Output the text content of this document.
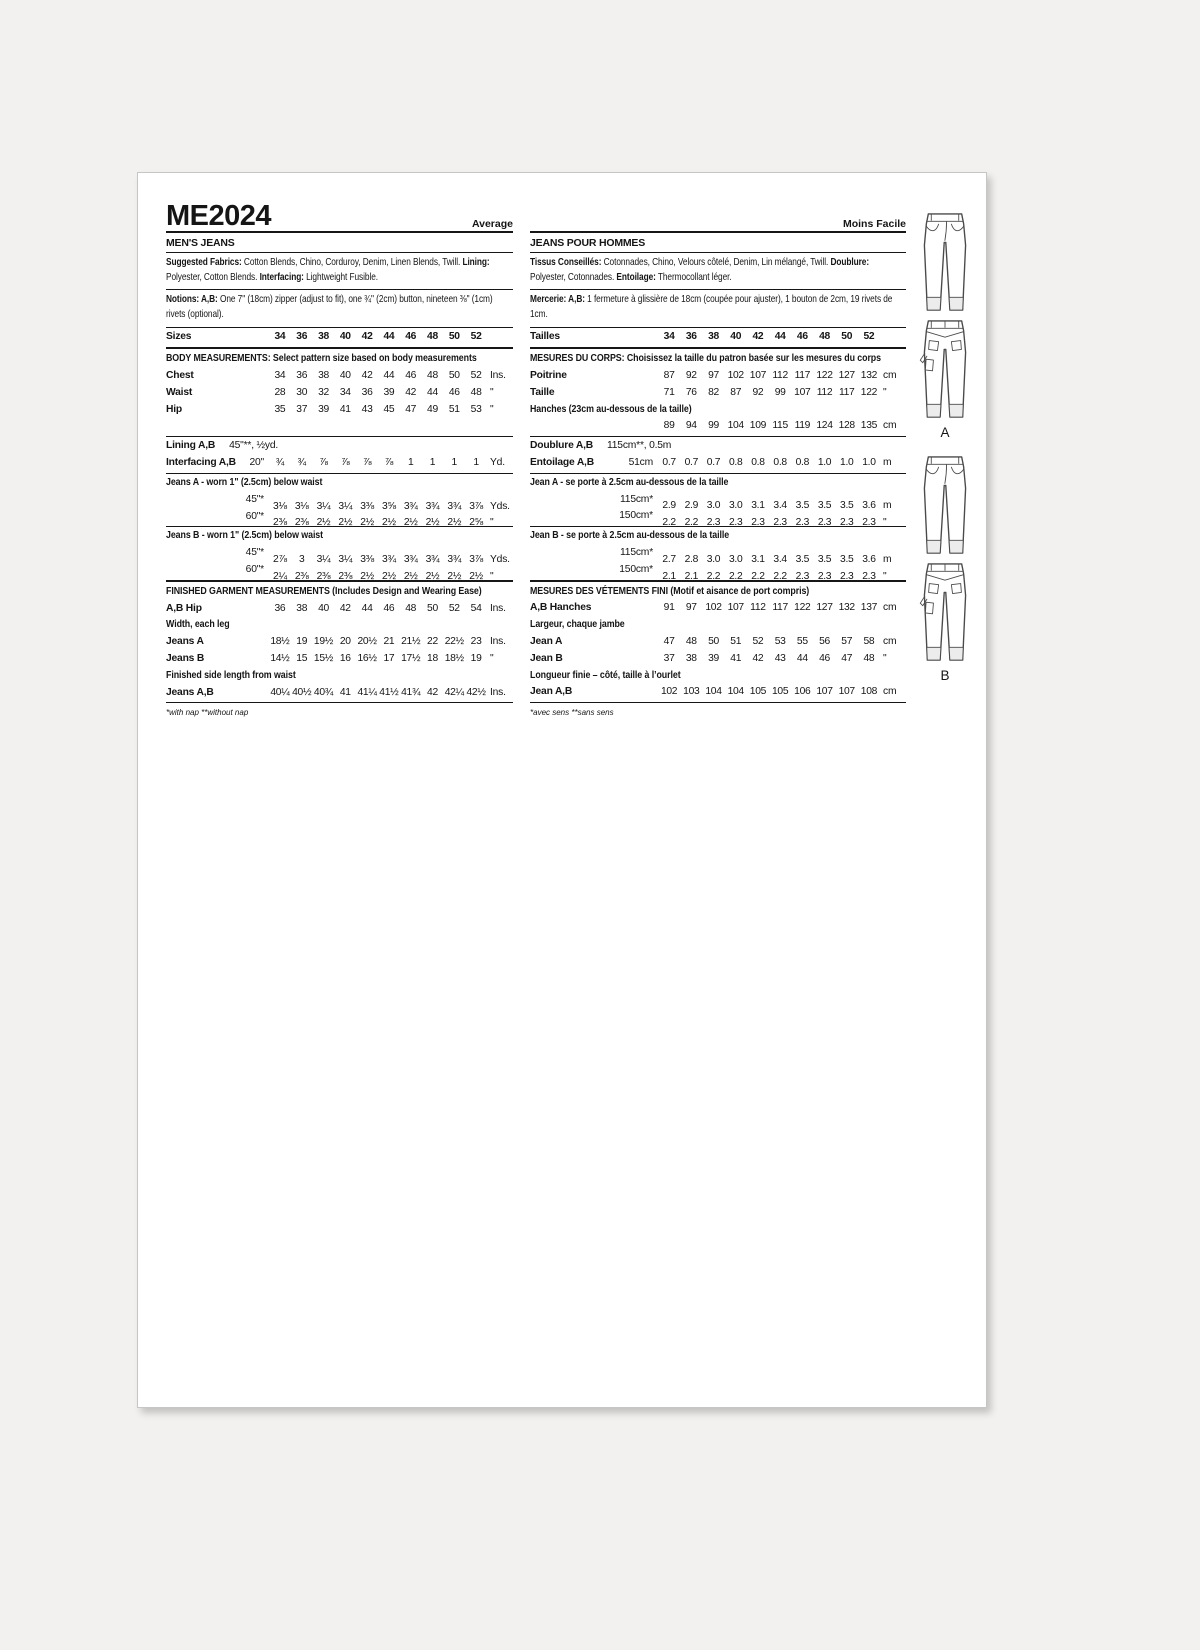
ME2024	Average
MEN'S JEANS
Suggested Fabrics: Cotton Blends, Chino, Corduroy, Denim, Linen Blends, Twill. Lining: Polyester, Cotton Blends. Interfacing: Lightweight Fusible.
Notions: A,B: One 7" (18cm) zipper (adjust to fit), one ¾" (2cm) button, nineteen ⅜" (1cm) rivets (optional).
Sizes	34	36	38	40	42	44	46	48	50	52
BODY MEASUREMENTS: Select pattern size based on body measurements
Chest	34	36	38	40	42	44	46	48	50	52 Ins.
Waist	28	30	32	34	36	39	42	44	46	48 "
Hip	35	37	39	41	43	45	47	49	51	53 "
Lining A,B 45"**, ½yd.
Interfacing A,B 20"	¾	¾	⅞	⅞	⅞	⅞	1	1	1	1	Yd.
Jeans A - worn 1" (2.5cm) below waist
45"*
3⅛ 3⅛ 3¼ 3¼ 3⅜ 3⅝ 3¾ 3¾ 3¾ 3⅞ Yds.
60"*
2⅜ 2⅜ 2½ 2½ 2½ 2½ 2½ 2½ 2½ 2⅝ "
Jeans B - worn 1" (2.5cm) below waist
45"*
2⅞	3	3¼ 3¼ 3⅜ 3¾ 3¾ 3¾ 3¾ 3⅞ Yds.
60"*
2¼ 2⅜ 2⅜ 2⅜ 2½ 2½ 2½ 2½ 2½ 2½ "
FINISHED GARMENT MEASUREMENTS (Includes Design and Wearing Ease)
A,B Hip	36	38	40	42	44	46	48	50	52	54 Ins.
Width, each leg
Jeans A	18½ 19 19½ 20 20½ 21 21½ 22 22½ 23 Ins.
Jeans B	14½ 15 15½ 16 16½ 17 17½ 18 18½ 19 "
Finished side length from waist
Jeans A,B	40¼ 40½ 40¾ 41 41¼ 41½ 41¾ 42 42¼ 42½ Ins.
*with nap **without nap
Moins Facile
JEANS POUR HOMMES
Tissus Conseillés: Cotonnades, Chino, Velours côtelé, Denim, Lin mélangé, Twill. Doublure: Polyester, Cotonnades. Entoilage: Thermocollant léger.
Mercerie: A,B: 1 fermeture à glissière de 18cm (coupée pour ajuster), 1 bouton de 2cm, 19 rivets de 1cm.
Tailles	34	36	38	40	42	44	46	48	50	52
MESURES DU CORPS: Choisissez la taille du patron basée sur les mesures du corps
Poitrine	87	92	97 102 107 112 117 122 127 132 cm
Taille	71	76	82	87	92	99 107 112 117 122 "
Hanches (23cm au-dessous de la taille)
89	94	99 104 109 115 119 124 128 135 cm
Doublure A,B 115cm**, 0.5m
Entoilage A,B	51cm 0.7 0.7 0.7 0.8 0.8 0.8 0.8 1.0 1.0 1.0 m
Jean A - se porte à 2.5cm au-dessous de la taille
115cm*
2.9 2.9 3.0 3.0 3.1 3.4 3.5 3.5 3.5 3.6 m
150cm*
2.2 2.2 2.3 2.3 2.3 2.3 2.3 2.3 2.3 2.3 "
Jean B - se porte à 2.5cm au-dessous de la taille
115cm*
2.7 2.8 3.0 3.0 3.1 3.4 3.5 3.5 3.5 3.6 m
150cm*
2.1 2.1 2.2 2.2 2.2 2.2 2.3 2.3 2.3 2.3 "
MESURES DES VÉTEMENTS FINI (Motif et aisance de port compris)
A,B Hanches	91	97 102 107 112 117 122 127 132 137 cm
Largeur, chaque jambe
Jean A	47	48	50	51	52	53	55	56	57	58 cm
Jean B	37	38	39	41	42	43	44	46	47	48 "
Longueur finie – côté, taille à l’ourlet
Jean A,B	102 103 104 104 105 105 106 107 107 108 cm
*avec sens **sans sens
A
B
